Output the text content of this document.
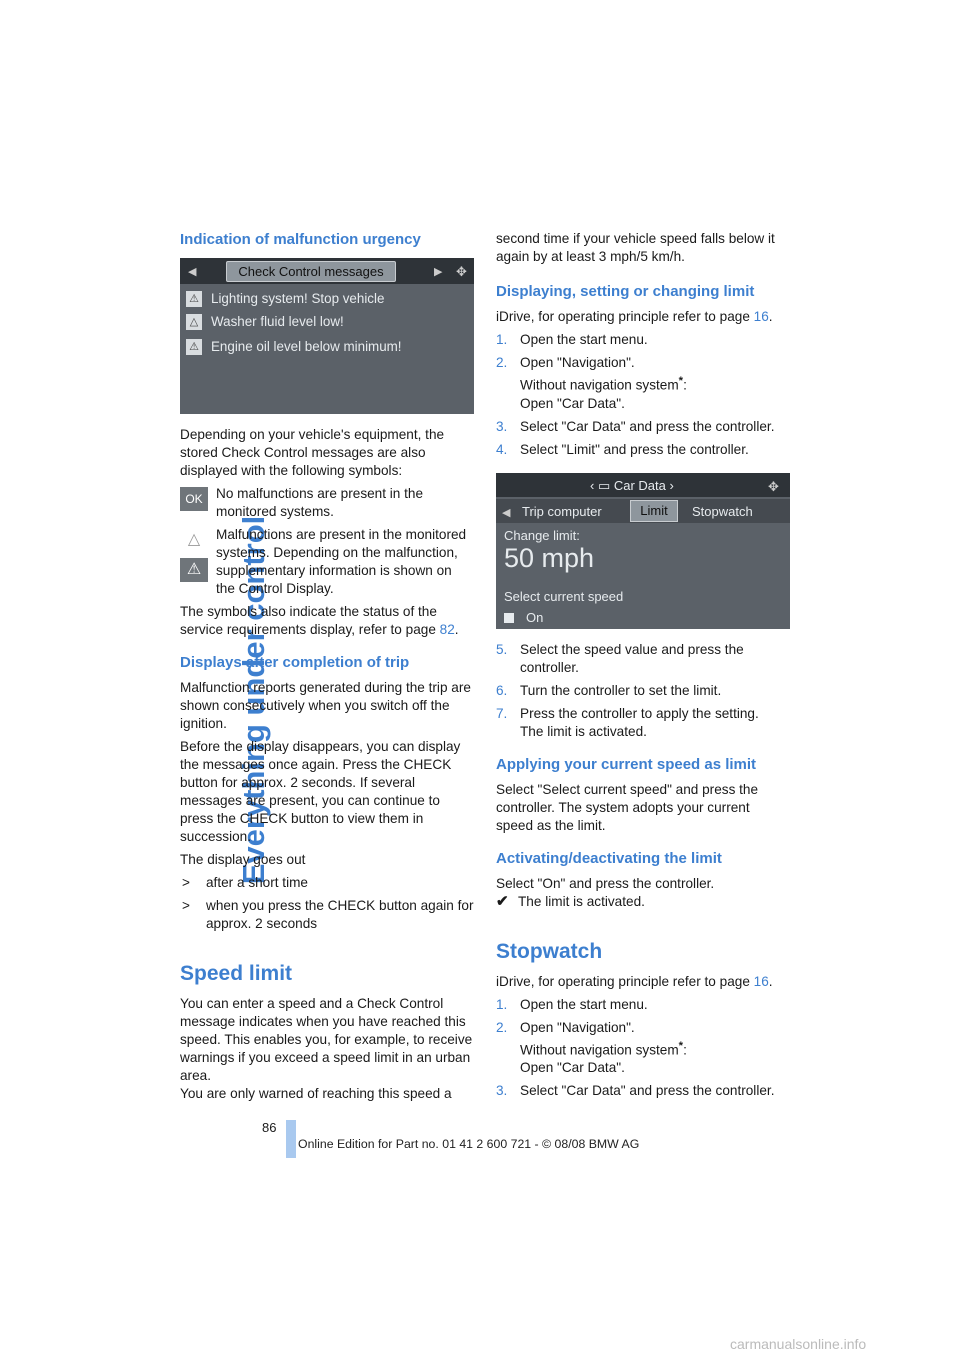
Everything under control
Indication of malfunction urgency
◀	Check Control messages	▶ ✥
⚠ Lighting system! Stop vehicle
△ Washer fluid level low!
⚠ Engine oil level below minimum!

Depending on your vehicle's equipment, the stored Check Control messages are also displayed with the following symbols:

OK No malfunctions are present in the monitored systems.
△
⚠
Malfunctions are present in the monitored systems. Depending on the malfunction, supplementary information is shown on the Control Display.

The symbols also indicate the status of the service requirements display, refer to page 82.

Displays after completion of trip

Malfunction reports generated during the trip are shown consecutively when you switch off the ignition.

Before the display disappears, you can display the messages once again. Press the CHECK button for approx. 2 seconds. If several messages are present, you can continue to press the CHECK button to view them in succession.

The display goes out

>	after a short time
>	when you press the CHECK button again for approx. 2 seconds
Speed limit

You can enter a speed and a Check Control message indicates when you have reached this speed. This enables you, for example, to receive warnings if you exceed a speed limit in an urban area.

You are only warned of reaching this speed a

second time if your vehicle speed falls below it again by at least 3 mph/5 km/h.

Displaying, setting or changing limit

iDrive, for operating principle refer to page 16.

1. Open the start menu.
2. Open "Navigation".
Without navigation system*:
Open "Car Data".
3. Select "Car Data" and press the controller.
4. Select "Limit" and press the controller.
‹ ▭ Car Data ›	✥
◀ Trip computer	Limit	Stopwatch
Change limit:
50 mph
Select current speed
On
5. Select the speed value and press the controller.
6. Turn the controller to set the limit.
7. Press the controller to apply the setting.
The limit is activated.
Applying your current speed as limit

Select "Select current speed" and press the controller. The system adopts your current speed as the limit.

Activating/deactivating the limit

Select "On" and press the controller.

✔ The limit is activated.

Stopwatch

iDrive, for operating principle refer to page 16.

1. Open the start menu.
2. Open "Navigation".
Without navigation system*:
Open "Car Data".
3. Select "Car Data" and press the controller.
86
Online Edition for Part no. 01 41 2 600 721 - © 08/08 BMW AG
carmanualsonline.info
